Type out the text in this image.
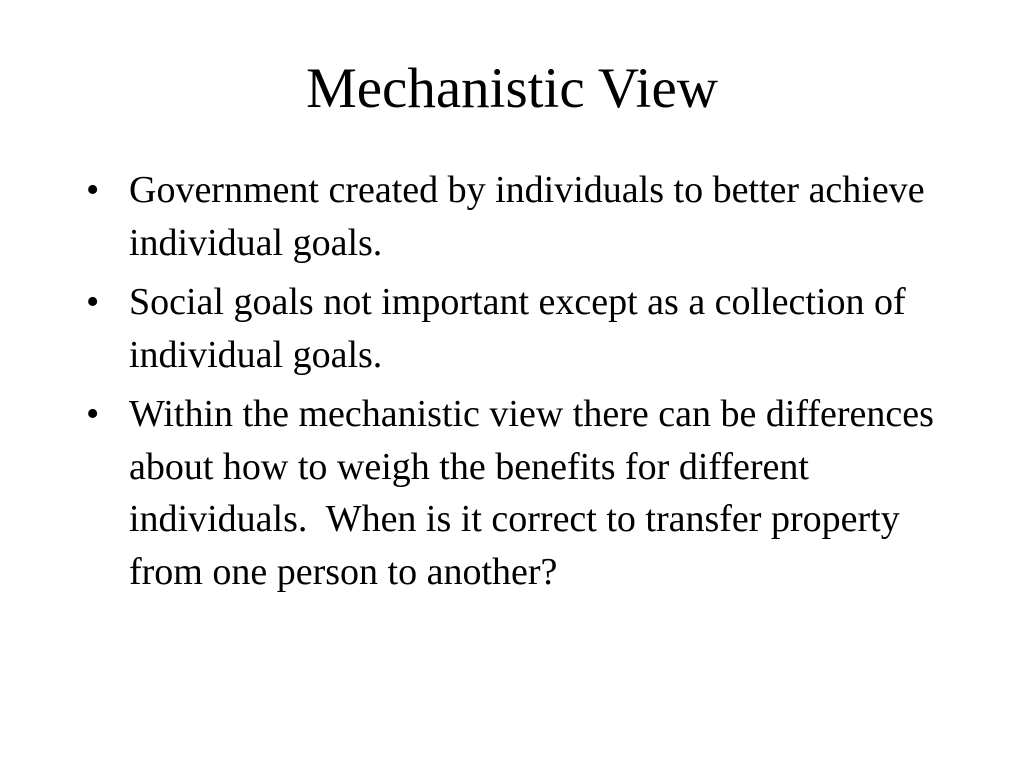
Mechanistic View
• Government created by individuals to better achieve individual goals.
• Social goals not important except as a collection of individual goals.
• Within the mechanistic view there can be differences about how to weigh the benefits for different individuals.  When is it correct to transfer property from one person to another?
